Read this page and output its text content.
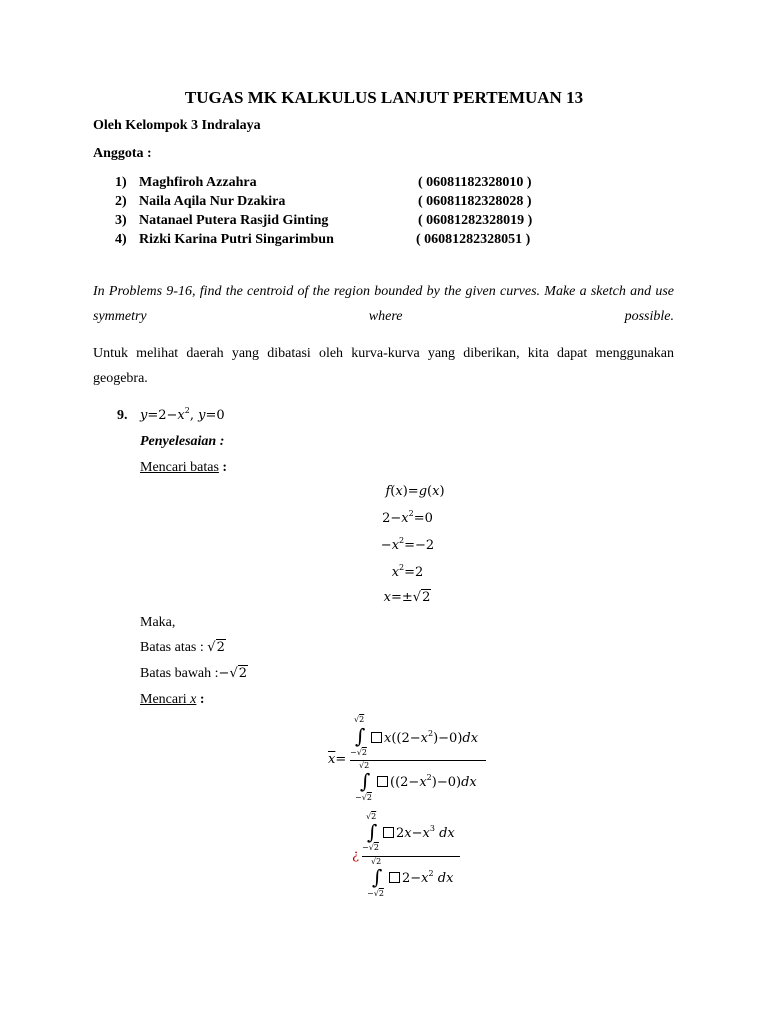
TUGAS MK KALKULUS LANJUT PERTEMUAN 13
Oleh Kelompok 3 Indralaya
Anggota :
1) Maghfiroh Azzahra	( 06081182328010 )
2) Naila Aqila Nur Dzakira	( 06081182328028 )
3) Natanael Putera Rasjid Ginting	( 06081282328019 )
4) Rizki Karina Putri Singarimbun	( 06081282328051 )
In Problems 9-16, find the centroid of the region bounded by the given curves. Make a sketch and use symmetry where possible.
Untuk melihat daerah yang dibatasi oleh kurva-kurva yang diberikan, kita dapat menggunakan geogebra.
9. $y=2-x^2$, y=0
Penyelesaian :
Mencari batas :
f(x)=g(x)
$2-x^2=0$
$-x^2=-2$
$x^2=2$
x=±√2
Maka,
Batas atas : √2
Batas bawah :−√2
Mencari x :
$\overline{x}=$
√2
∫
−√2
$x((2-x^2)-0)dx$
√2
∫
−√2
$((2-x^2)-0)dx$
¿
√2
∫
−√2
$2x-x^3$ dx
√2
∫
−√2
$2-x^2$ dx
